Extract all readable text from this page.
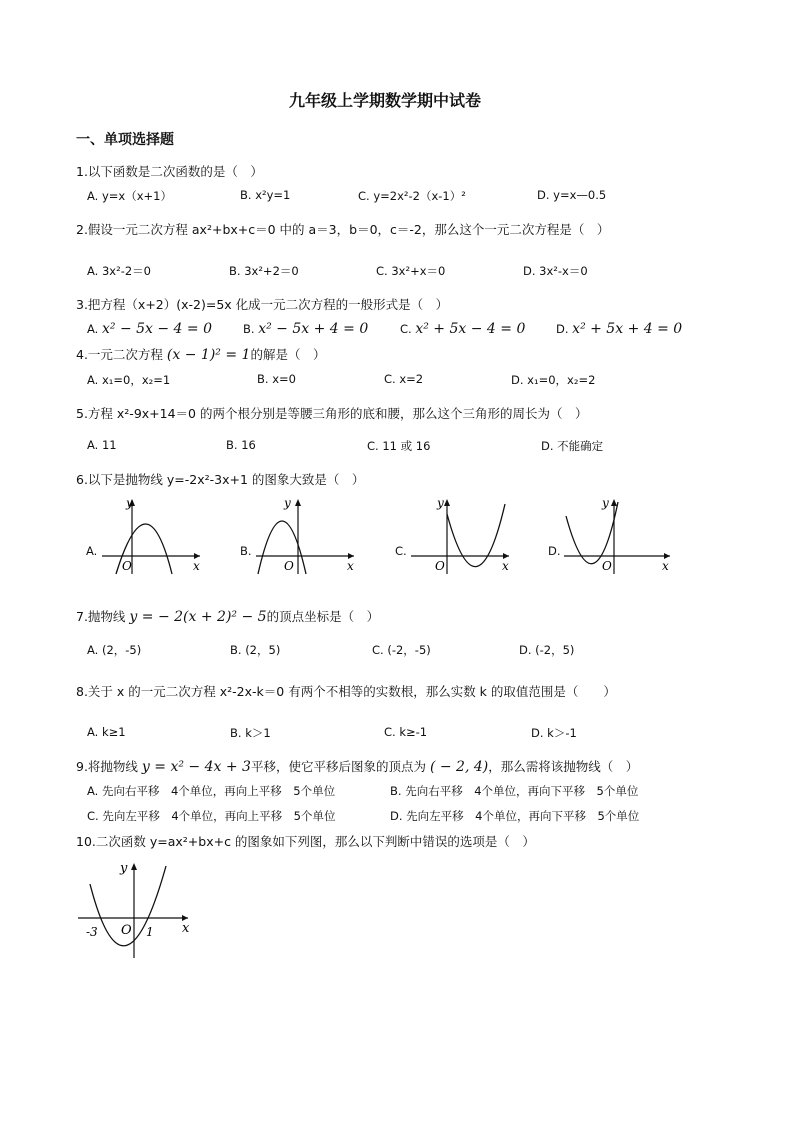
九年级上学期数学期中试卷
一、单项选择题
1.以下函数是二次函数的是（　）
A. y=x（x+1）	B. x²y=1	C. y=2x²-2（x-1）²	D. y=x—0.5
2.假设一元二次方程 ax²+bx+c＝0 中的 a＝3，b＝0，c＝-2，那么这个一元二次方程是（　）
A. 3x²-2＝0	B. 3x²+2＝0	C. 3x²+x＝0	D. 3x²-x＝0
3.把方程（x+2）(x-2)=5x 化成一元二次方程的一般形式是（　）
A. x² − 5x − 4 = 0	B. x² − 5x + 4 = 0	C. x² + 5x − 4 = 0	D. x² + 5x + 4 = 0
4.一元二次方程 (x − 1)² = 1的解是（　）
A. x₁=0，x₂=1	B. x=0	C. x=2	D. x₁=0，x₂=2
5.方程 x²-9x+14＝0 的两个根分别是等腰三角形的底和腰，那么这个三角形的周长为（　）
A. 11	B. 16	C. 11 或 16	D. 不能确定
6.以下是抛物线 y=-2x²-3x+1 的图象大致是（　）
A.
y
x
O
B.
y
x
O
C.
y
x
O
D.
y
x
O
7.抛物线 y = − 2(x + 2)² − 5的顶点坐标是（　）
A. (2，-5)	B. (2，5)	C. (-2，-5)	D. (-2，5)
8.关于 x 的一元二次方程 x²-2x-k＝0 有两个不相等的实数根，那么实数 k 的取值范围是（　　）
A. k≥1	B. k＞1	C. k≥-1	D. k＞-1
9.将抛物线 y = x² − 4x + 3平移，使它平移后图象的顶点为 ( − 2, 4)，那么需将该抛物线（　）
A. 先向右平移　4个单位，再向上平移　5个单位	B. 先向右平移　4个单位，再向下平移　5个单位
C. 先向左平移　4个单位，再向上平移　5个单位	D. 先向左平移　4个单位，再向下平移　5个单位
10.二次函数 y=ax²+bx+c 的图象如下列图，那么以下判断中错误的选项是（　）
y
x
O
-3	1
